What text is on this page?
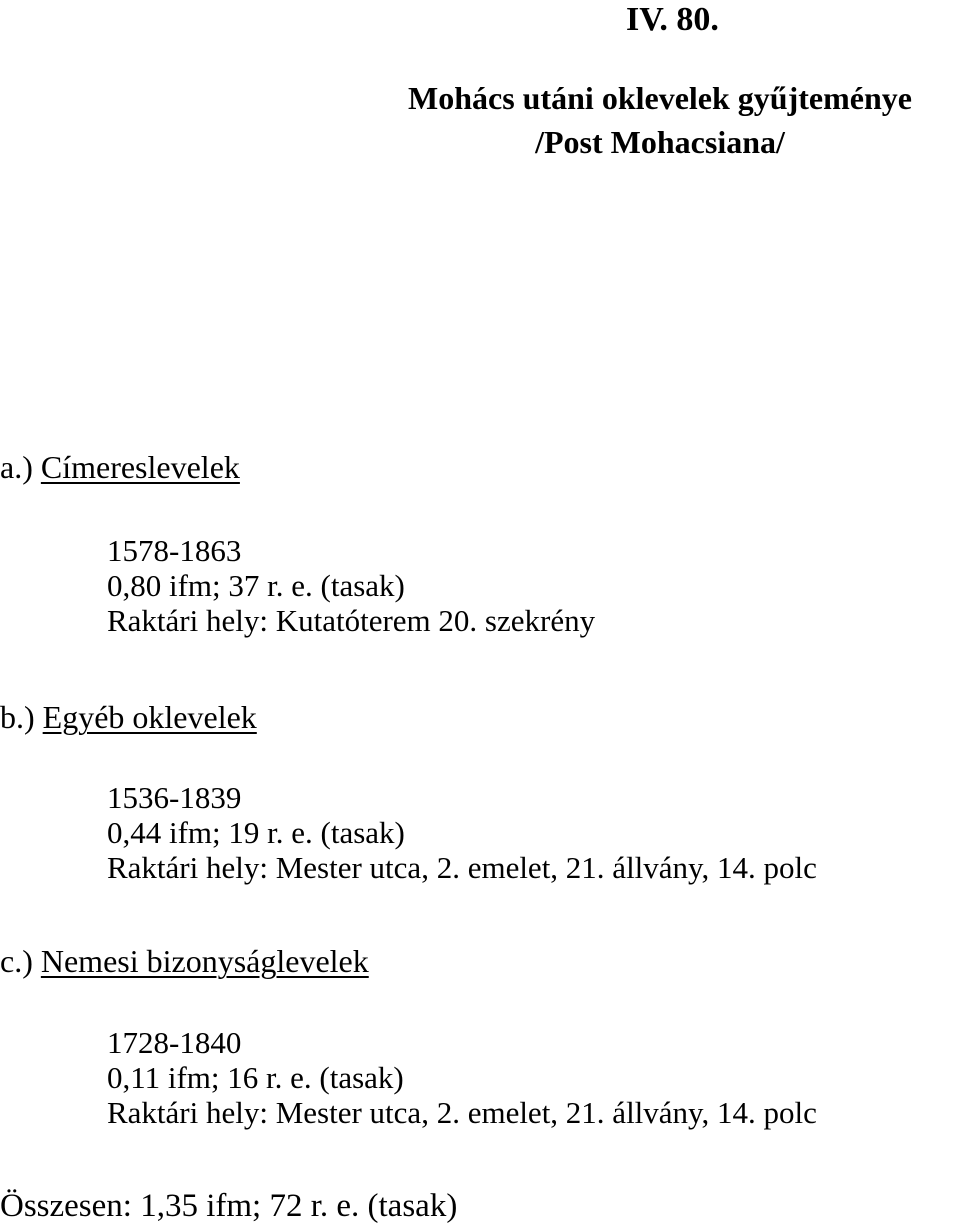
IV. 80.
Mohács utáni oklevelek gyűjteménye
/Post Mohacsiana/
a.) Címereslevelek
1578-1863
0,80 ifm; 37 r. e. (tasak)
Raktári hely: Kutatóterem 20. szekrény
b.) Egyéb oklevelek
1536-1839
0,44 ifm; 19 r. e. (tasak)
Raktári hely: Mester utca, 2. emelet, 21. állvány, 14. polc
c.) Nemesi bizonyságlevelek
1728-1840
0,11 ifm; 16 r. e. (tasak)
Raktári hely: Mester utca, 2. emelet, 21. állvány, 14. polc
Összesen: 1,35 ifm; 72 r. e. (tasak)
